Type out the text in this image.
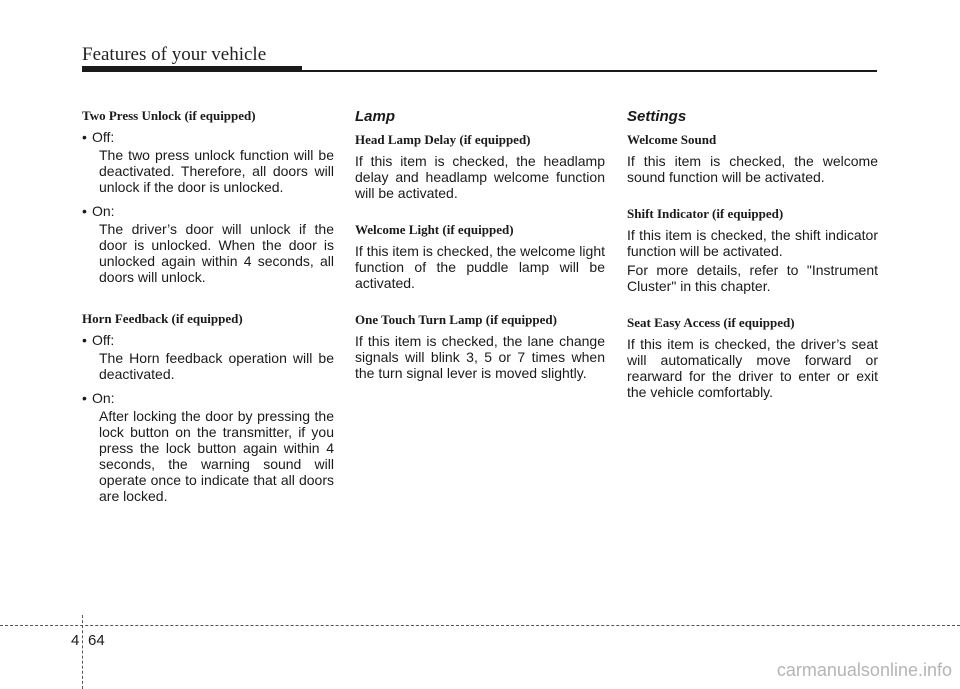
Features of your vehicle
Two Press Unlock (if equipped)
• Off:
The two press unlock function will be deactivated. Therefore, all doors will unlock if the door is unlocked.
• On:
The driver’s door will unlock if the door is unlocked. When the door is unlocked again within 4 seconds, all doors will unlock.
Horn Feedback (if equipped)
• Off:
The Horn feedback operation will be deactivated.
• On:
After locking the door by pressing the lock button on the transmitter, if you press the lock button again within 4 seconds, the warning sound will operate once to indicate that all doors are locked.
Lamp
Head Lamp Delay (if equipped)

If this item is checked, the headlamp delay and headlamp welcome function will be activated.

Welcome Light (if equipped)

If this item is checked, the welcome light function of the puddle lamp will be activated.

One Touch Turn Lamp (if equipped)

If this item is checked, the lane change signals will blink 3, 5 or 7 times when the turn signal lever is moved slightly.

Settings
Welcome Sound

If this item is checked, the welcome sound function will be activated.

Shift Indicator (if equipped)

If this item is checked, the shift indicator function will be activated.

For more details, refer to "Instrument Cluster" in this chapter.

Seat Easy Access (if equipped)

If this item is checked, the driver’s seat will automatically move forward or rearward for the driver to enter or exit the vehicle comfortably.

4 64
carmanualsonline.info
